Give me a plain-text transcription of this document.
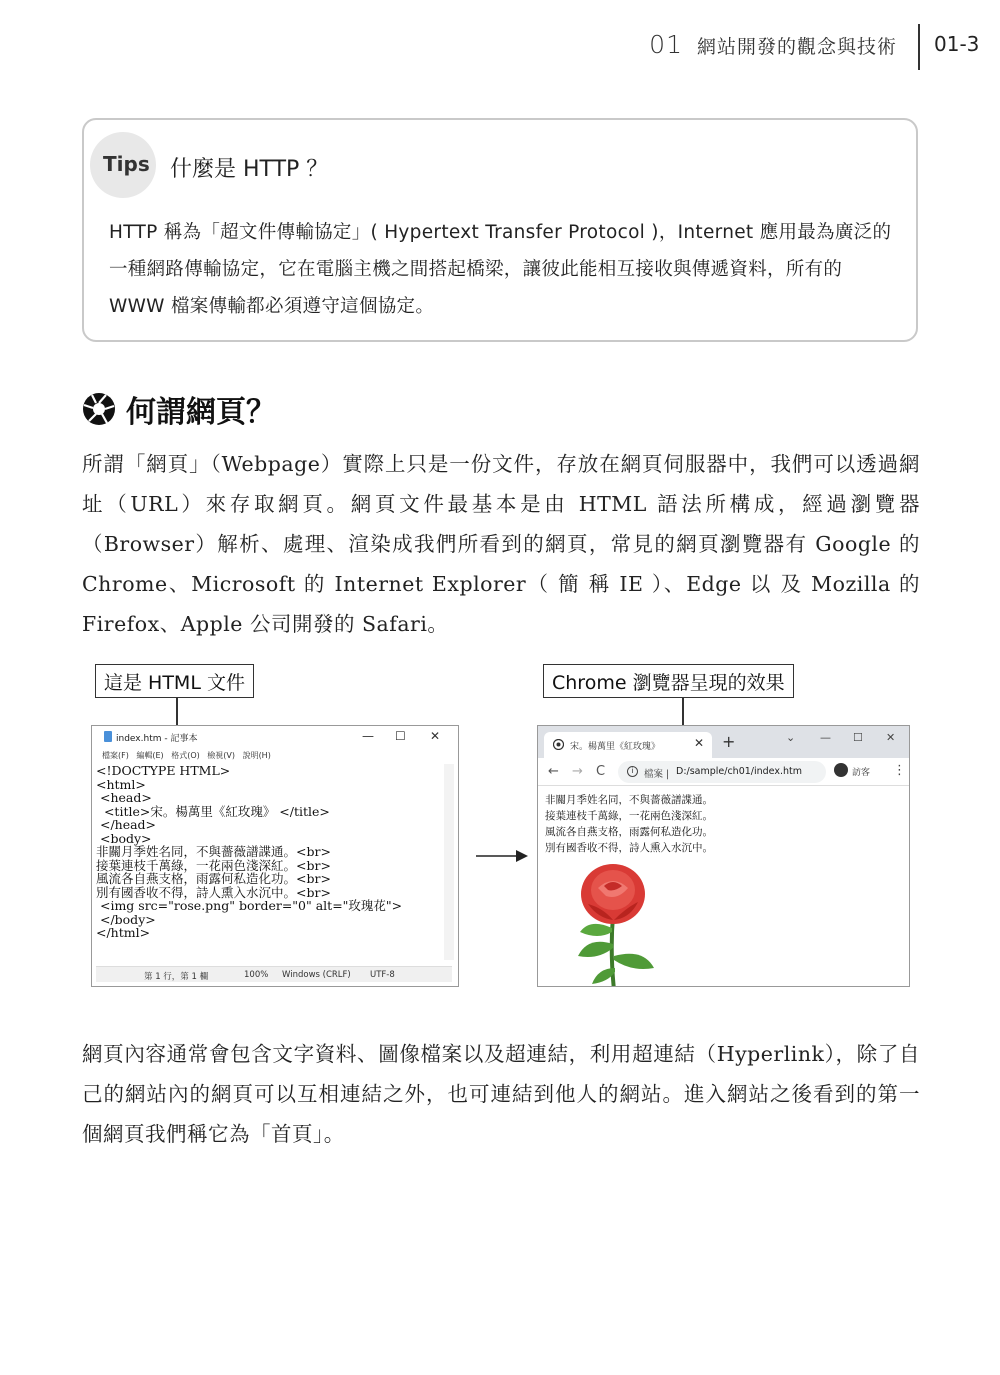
01 網站開發的觀念與技術 01-3
Tips 什麼是 HTTP ？
HTTP 稱為「超文件傳輸協定」( Hypertext Transfer Protocol )，Internet 應用最為廣泛的一種網路傳輸協定，它在電腦主機之間搭起橋梁，讓彼此能相互接收與傳遞資料，所有的 WWW 檔案傳輸都必須遵守這個協定。
何謂網頁？
所謂「網頁」（Webpage）實際上只是一份文件，存放在網頁伺服器中，我們可以透過網址（URL）來存取網頁。網頁文件最基本是由 HTML 語法所構成，經過瀏覽器（Browser）解析、處理、渲染成我們所看到的網頁，常見的網頁瀏覽器有 Google 的 Chrome、Microsoft 的 Internet Explorer（ 簡 稱 IE ）、Edge 以 及 Mozilla 的 Firefox、Apple 公司開發的 Safari。
這是 HTML 文件	Chrome 瀏覽器呈現的效果
index.htm - 記事本	— ☐ ✕
檔案(F) 編輯(E) 格式(O) 檢視(V) 說明(H)
<!DOCTYPE HTML>
<html>
<head>
<title>宋。楊萬里《紅玫瑰》 </title>
</head>
<body>
非關月季姓名同，不與薔薇譜諜通。<br>
接葉連枝千萬綠，一花兩色淺深紅。<br>
風流各自燕支格，雨露何私造化功。<br>
別有國香收不得，詩人熏入水沉中。<br>
<img src="rose.png" border="0" alt="玫瑰花">
</body>
</html>
第 1 行，第 1 欄	100% Windows (CRLF) UTF-8
宋。楊萬里《紅玫瑰》	✕ +	⌄ — ☐ ✕
← → C	i	檔案 | D:/sample/ch01/index.htm	訪客 ⋮
非關月季姓名同，不與薔薇譜諜通。
接葉連枝千萬綠，一花兩色淺深紅。
風流各自燕支格，雨露何私造化功。
別有國香收不得，詩人熏入水沉中。
網頁內容通常會包含文字資料、圖像檔案以及超連結，利用超連結（Hyperlink），除了自己的網站內的網頁可以互相連結之外，也可連結到他人的網站。進入網站之後看到的第一個網頁我們稱它為「首頁」。
